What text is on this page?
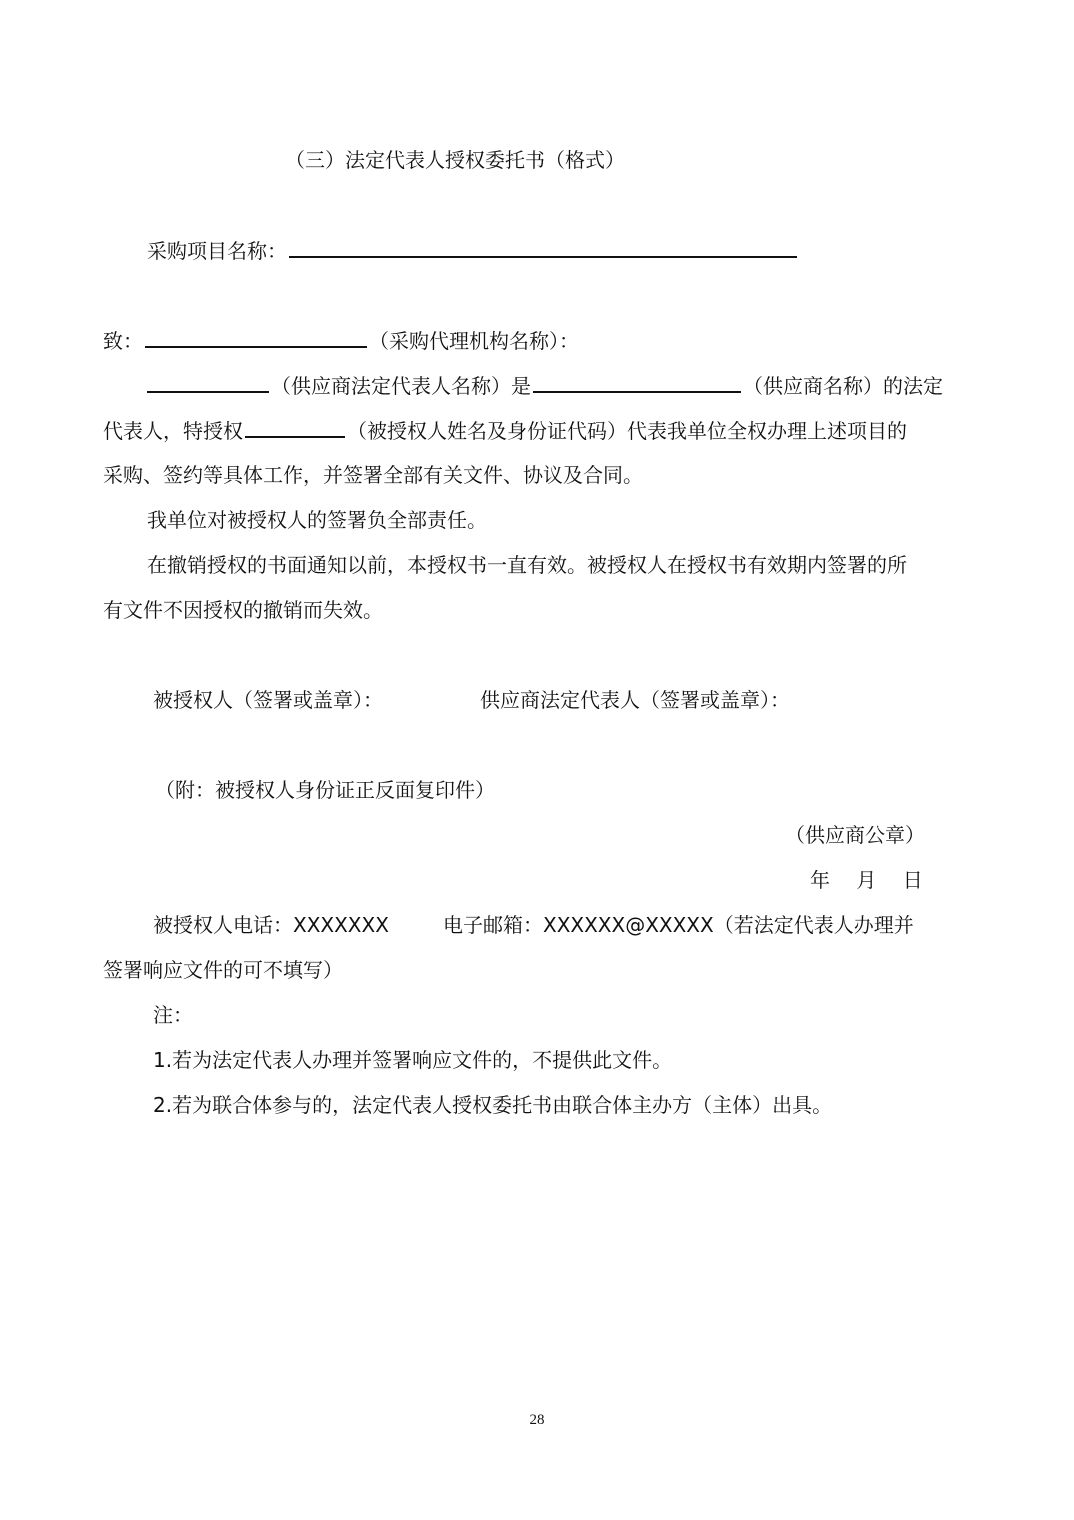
（三）法定代表人授权委托书（格式）
采购项目名称：
致：	（采购代理机构名称）：
（供应商法定代表人名称）是	（供应商名称）的法定
代表人，特授权	（被授权人姓名及身份证代码）代表我单位全权办理上述项目的
采购、签约等具体工作，并签署全部有关文件、协议及合同。
我单位对被授权人的签署负全部责任。
在撤销授权的书面通知以前，本授权书一直有效。被授权人在授权书有效期内签署的所
有文件不因授权的撤销而失效。
被授权人（签署或盖章）：	供应商法定代表人（签署或盖章）：
（附：被授权人身份证正反面复印件）
（供应商公章）
年　 月　 日
被授权人电话：XXXXXXX	电子邮箱：XXXXXX@XXXXX（若法定代表人办理并
签署响应文件的可不填写）
注：
1.若为法定代表人办理并签署响应文件的，不提供此文件。
2.若为联合体参与的，法定代表人授权委托书由联合体主办方（主体）出具。
28
